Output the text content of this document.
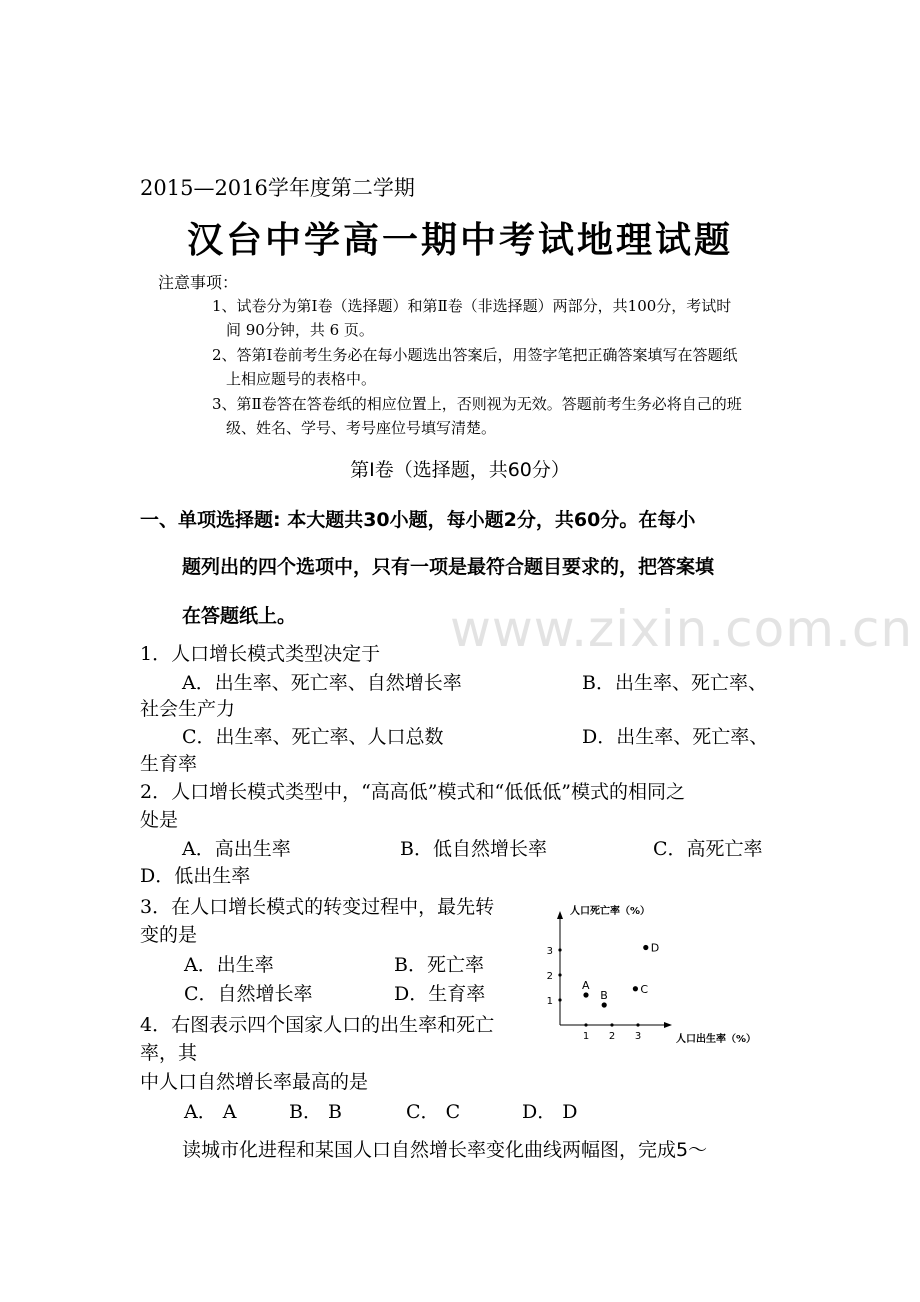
www.zixin.com.cn
2015—2016学年度第二学期
汉台中学高一期中考试地理试题
注意事项：
1、试卷分为第Ⅰ卷（选择题）和第Ⅱ卷（非选择题）两部分，共100分，考试时
间 90分钟，共 6 页。
2、答第Ⅰ卷前考生务必在每小题选出答案后，用签字笔把正确答案填写在答题纸
上相应题号的表格中。
3、第Ⅱ卷答在答卷纸的相应位置上，否则视为无效。答题前考生务必将自己的班
级、姓名、学号、考号座位号填写清楚。
第Ⅰ卷（选择题，共60分）
一、单项选择题: 本大题共30小题，每小题2分，共60分。在每小
题列出的四个选项中，只有一项是最符合题目要求的，把答案填
在答题纸上。
1．人口增长模式类型决定于
A．出生率、死亡率、自然增长率	B．出生率、死亡率、
社会生产力
C．出生率、死亡率、人口总数	D．出生率、死亡率、
生育率
2．人口增长模式类型中，“高高低”模式和“低低低”模式的相同之
处是
A．高出生率	B．低自然增长率	C．高死亡率
D．低出生率
3．在人口增长模式的转变过程中，最先转
变的是
A．出生率	B．死亡率
C．自然增长率	D．生育率
4．右图表示四个国家人口的出生率和死亡
率，其
中人口自然增长率最高的是
A． A	B． B	C． C	D． D
读城市化进程和某国人口自然增长率变化曲线两幅图，完成5～
人口死亡率（%）
人口出生率（%）
1 2 3
1
2
3
A
B	C
D
